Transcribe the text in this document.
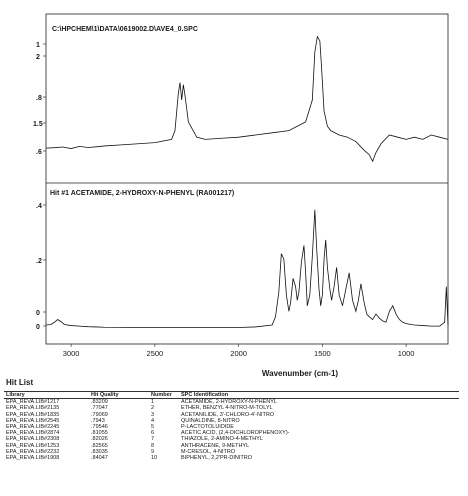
C:\HPCHEM\1\DATA\0619002.D\AVE4_0.SPC
Hit #1 ACETAMIDE, 2-HYDROXY-N-PHENYL (RA001217)
1
2
.8
1.5
.6
.4
.2
0
0
Wavenumber (cm-1)
3000	2500	2000	1500	1000
Hit List
Library	Hit Quality	Number	SPC Identification
EPA_REVA.LIB#1217	.83209	1	ACETAMIDE, 2-HYDROXY-N-PHENYL
EPA_REVA.LIB#2135	.77047	2	ETHER, BENZYL 4-NITRO-M-TOLYL
EPA_REVA.LIB#1835	.79069	3	ACETANILIDE, 3'-CHLORO-4'-NITRO
EPA_REVA.LIB#2545	.7943	4	QUINALDINE, 8-NITRO
EPA_REVA.LIB#2245	.79546	5	P-LACTOTOLUIDIDE
EPA_REVA.LIB#2874	.81055	6	ACETIC ACID, (2,4-DICHLOROPHENOXY)-
EPA_REVA.LIB#2308	.82026	7	THIAZOLE, 2-AMINO-4-METHYL
EPA_REVA.LIB#1253	.82565	8	ANTHRACENE, 9-METHYL
EPA_REVA.LIB#2232	.83035	9	M-CRESOL, 4-NITRO
EPA_REVA.LIB#1908	.84047	10	BIPHENYL, 2,2'PR-DINITRO
